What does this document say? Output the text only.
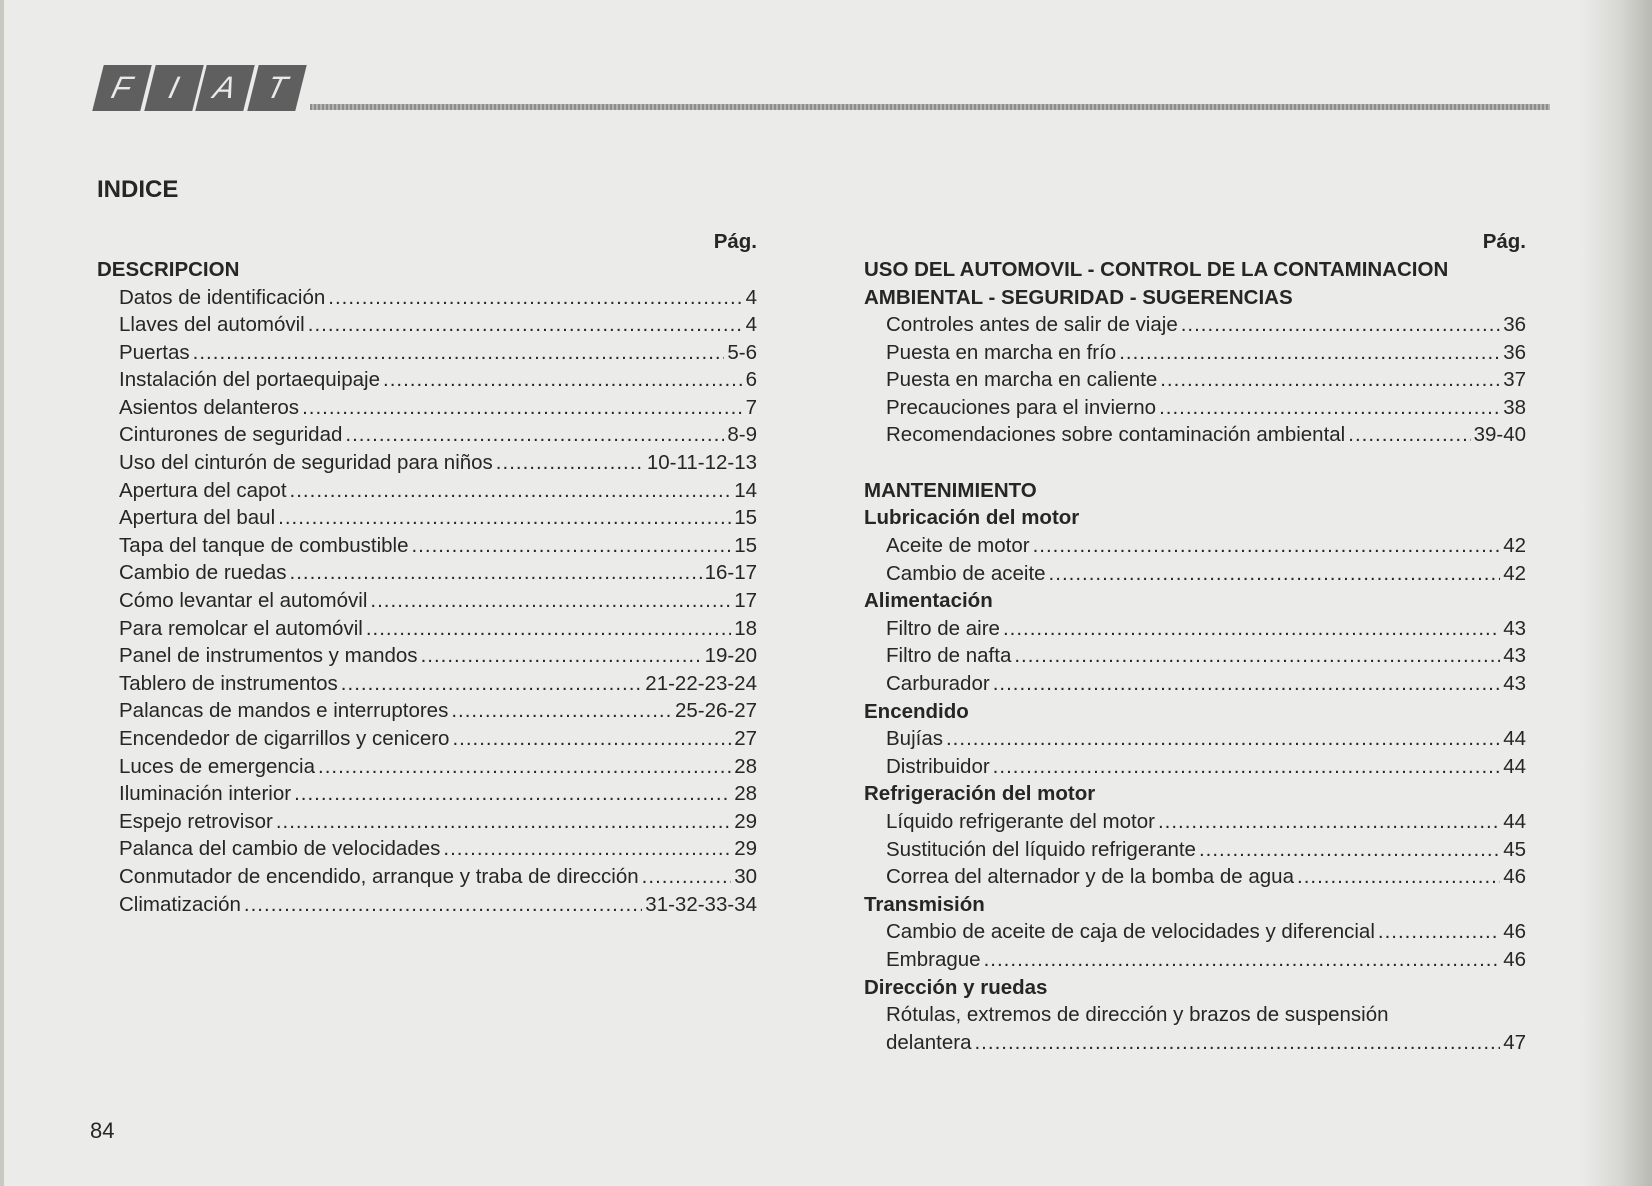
F I A T
INDICE
Pág.
DESCRIPCION
Datos de identificación .....	4
Llaves del automóvil .....	4
Puertas .....	5-6
Instalación del portaequipaje .....	6
Asientos delanteros .....	7
Cinturones de seguridad .....	8-9
Uso del cinturón de seguridad para niños .....	10-11-12-13
Apertura del capot .....	14
Apertura del baul .....	15
Tapa del tanque de combustible .....	15
Cambio de ruedas .....	16-17
Cómo levantar el automóvil .....	17
Para remolcar el automóvil .....	18
Panel de instrumentos y mandos .....	19-20
Tablero de instrumentos .....	21-22-23-24
Palancas de mandos e interruptores .....	25-26-27
Encendedor de cigarrillos y cenicero .....	27
Luces de emergencia .....	28
Iluminación interior .....	28
Espejo retrovisor .....	29
Palanca del cambio de velocidades .....	29
Conmutador de encendido, arranque y traba de dirección .....	30
Climatización .....	31-32-33-34
Pág.
USO DEL AUTOMOVIL - CONTROL DE LA CONTAMINACION
AMBIENTAL - SEGURIDAD - SUGERENCIAS
Controles antes de salir de viaje .....	36
Puesta en marcha en frío .....	36
Puesta en marcha en caliente .....	37
Precauciones para el invierno .....	38
Recomendaciones sobre contaminación ambiental .....	39-40
MANTENIMIENTO
Lubricación del motor
Aceite de motor .....	42
Cambio de aceite .....	42
Alimentación
Filtro de aire .....	43
Filtro de nafta .....	43
Carburador .....	43
Encendido
Bujías .....	44
Distribuidor .....	44
Refrigeración del motor
Líquido refrigerante del motor .....	44
Sustitución del líquido refrigerante .....	45
Correa del alternador y de la bomba de agua .....	46
Transmisión
Cambio de aceite de caja de velocidades y diferencial .....	46
Embrague .....	46
Dirección y ruedas
Rótulas, extremos de dirección y brazos de suspensión
delantera .....	47
84
